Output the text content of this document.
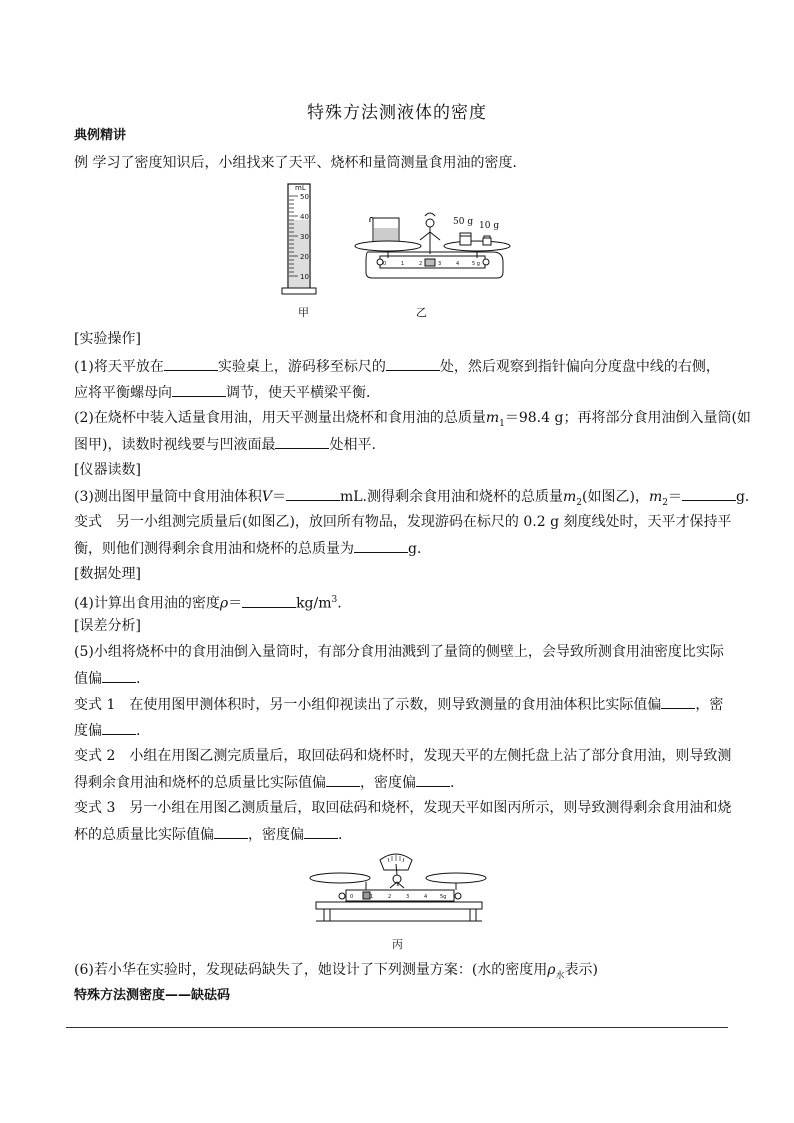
特殊方法测液体的密度
典例精讲
例 学习了密度知识后，小组找来了天平、烧杯和量筒测量食用油的密度．
mL
50
40
30
20
10
50 g 10 g
0	1	2	3	4	5 g
甲	乙
[实验操作]
(1)将天平放在	实验桌上，游码移至标尺的	处，然后观察到指针偏向分度盘中线的右侧，
应将平衡螺母向	调节，使天平横梁平衡．
(2)在烧杯中装入适量食用油，用天平测量出烧杯和食用油的总质量$m_1=98.4$ g；再将部分食用油倒入量筒(如
图甲)，读数时视线要与凹液面最	处相平.
[仪器读数]
(3)测出图甲量筒中食用油体积V＝	mL.测得剩余食用油和烧杯的总质量$m_2$(如图乙)，$m_2=$	g．
变式　另一小组测完质量后(如图乙)，放回所有物品，发现游码在标尺的 0.2 g 刻度线处时，天平才保持平
衡，则他们测得剩余食用油和烧杯的总质量为	g．
[数据处理]
(4)计算出食用油的密度ρ＝	$kg/m^3$.
[误差分析]
(5)小组将烧杯中的食用油倒入量筒时，有部分食用油溅到了量筒的侧壁上，会导致所测食用油密度比实际
值偏 .
变式 1　在使用图甲测体积时，另一小组仰视读出了示数，则导致测量的食用油体积比实际值偏 ，密
度偏 .
变式 2　小组在用图乙测完质量后，取回砝码和烧杯时，发现天平的左侧托盘上沾了部分食用油，则导致测
得剩余食用油和烧杯的总质量比实际值偏 ，密度偏 .
变式 3　另一小组在用图乙测质量后，取回砝码和烧杯，发现天平如图丙所示，则导致测得剩余食用油和烧
杯的总质量比实际值偏 ，密度偏 .
0	1	2	3	4	5g
丙
(6)若小华在实验时，发现砝码缺失了，她设计了下列测量方案：(水的密度用$\rho_水$表示)
特殊方法测密度——缺砝码
